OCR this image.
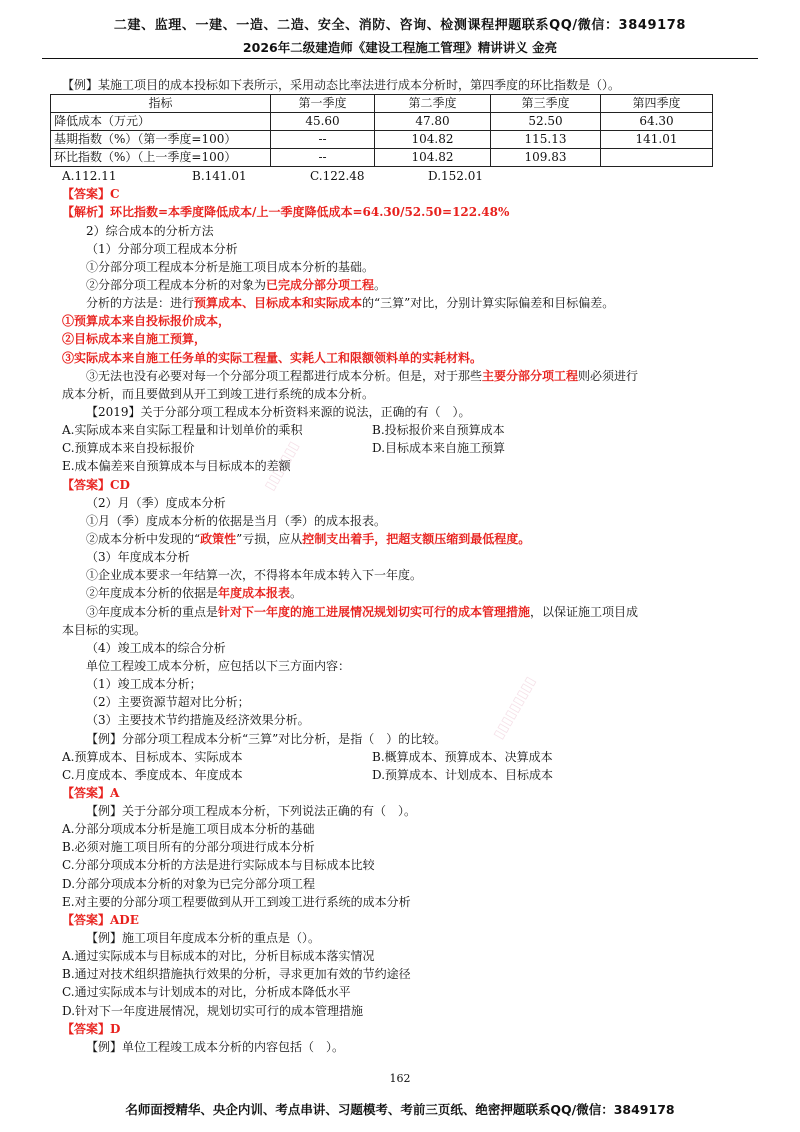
二建、监理、一建、一造、二造、安全、消防、咨询、检测课程押题联系QQ/微信：3849178
2026年二级建造师《建设工程施工管理》精讲讲义 金亮
▯▯▯▯▯▯▯
▯▯▯▯▯▯▯▯▯
【例】某施工项目的成本投标如下表所示，采用动态比率法进行成本分析时，第四季度的环比指数是（）。
指标	第一季度	第二季度	第三季度	第四季度
降低成本（万元）	45.60	47.80	52.50	64.30
基期指数（%）（第一季度=100）	--	104.82	115.13	141.01
环比指数（%）（上一季度=100）	--	104.82	109.83	
A.112.11	B.141.01	C.122.48	D.152.01
【答案】C
【解析】环比指数=本季度降低成本/上一季度降低成本=64.30/52.50=122.48%
2）综合成本的分析方法
（1）分部分项工程成本分析
①分部分项工程成本分析是施工项目成本分析的基础。
②分部分项工程成本分析的对象为已完成分部分项工程。
分析的方法是：进行预算成本、目标成本和实际成本的“三算”对比，分别计算实际偏差和目标偏差。
①预算成本来自投标报价成本，
②目标成本来自施工预算，
③实际成本来自施工任务单的实际工程量、实耗人工和限额领料单的实耗材料。
③无法也没有必要对每一个分部分项工程都进行成本分析。但是，对于那些主要分部分项工程则必须进行
成本分析，而且要做到从开工到竣工进行系统的成本分析。
【2019】关于分部分项工程成本分析资料来源的说法，正确的有（　）。
A.实际成本来自实际工程量和计划单价的乘积	B.投标报价来自预算成本
C.预算成本来自投标报价	D.目标成本来自施工预算
E.成本偏差来自预算成本与目标成本的差额
【答案】CD
（2）月（季）度成本分析
①月（季）度成本分析的依据是当月（季）的成本报表。
②成本分析中发现的“政策性”亏损，应从控制支出着手，把超支额压缩到最低程度。
（3）年度成本分析
①企业成本要求一年结算一次，不得将本年成本转入下一年度。
②年度成本分析的依据是年度成本报表。
③年度成本分析的重点是针对下一年度的施工进展情况规划切实可行的成本管理措施，以保证施工项目成
本目标的实现。
（4）竣工成本的综合分析
单位工程竣工成本分析，应包括以下三方面内容：
（1）竣工成本分析；
（2）主要资源节超对比分析；
（3）主要技术节约措施及经济效果分析。
【例】分部分项工程成本分析“三算”对比分析，是指（　）的比较。
A.预算成本、目标成本、实际成本	B.概算成本、预算成本、决算成本
C.月度成本、季度成本、年度成本	D.预算成本、计划成本、目标成本
【答案】A
【例】关于分部分项工程成本分析，下列说法正确的有（　）。
A.分部分项成本分析是施工项目成本分析的基础
B.必须对施工项目所有的分部分项进行成本分析
C.分部分项成本分析的方法是进行实际成本与目标成本比较
D.分部分项成本分析的对象为已完分部分项工程
E.对主要的分部分项工程要做到从开工到竣工进行系统的成本分析
【答案】ADE
【例】施工项目年度成本分析的重点是（）。
A.通过实际成本与目标成本的对比，分析目标成本落实情况
B.通过对技术组织措施执行效果的分析，寻求更加有效的节约途径
C.通过实际成本与计划成本的对比，分析成本降低水平
D.针对下一年度进展情况，规划切实可行的成本管理措施
【答案】D
【例】单位工程竣工成本分析的内容包括（　）。
162
名师面授精华、央企内训、考点串讲、习题模考、考前三页纸、绝密押题联系QQ/微信：3849178
